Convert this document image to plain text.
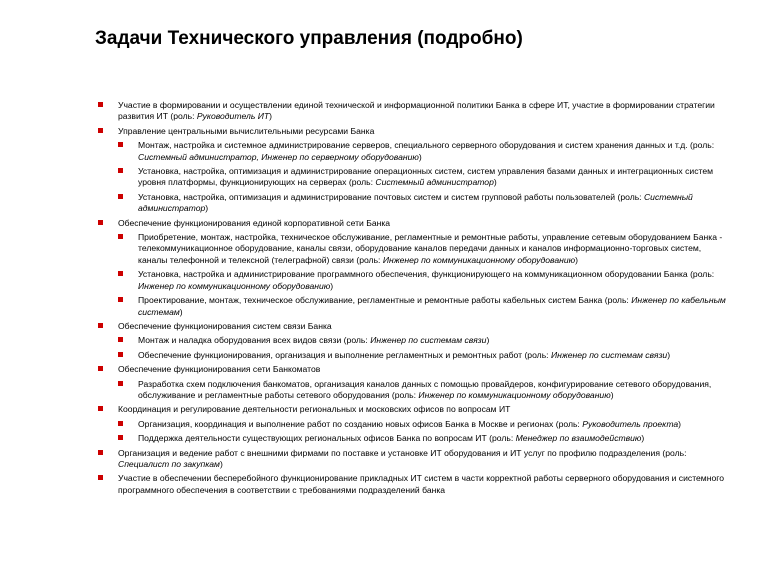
Задачи Технического управления (подробно)
Участие в формировании и осуществлении единой технической и информационной политики Банка в сфере ИТ, участие в формировании стратегии развития ИТ (роль: Руководитель ИТ)
Управление центральными вычислительными ресурсами Банка
Монтаж, настройка и системное администрирование серверов, специального серверного оборудования и систем хранения данных и т.д. (роль: Системный администратор, Инженер по серверному оборудованию)
Установка, настройка, оптимизация и администрирование операционных систем, систем управления базами данных и интеграционных систем уровня платформы, функционирующих на серверах (роль: Системный администратор)
Установка, настройка, оптимизация и администрирование почтовых систем и систем групповой работы пользователей (роль: Системный администратор)
Обеспечение функционирования единой корпоративной сети Банка
Приобретение, монтаж, настройка, техническое обслуживание, регламентные и ремонтные работы, управление сетевым оборудованием Банка - телекоммуникационное оборудование, каналы связи, оборудование каналов передачи данных и каналов информационно-торговых систем, каналы телефонной и телексной (телеграфной) связи (роль: Инженер по коммуникационному оборудованию)
Установка, настройка и администрирование программного обеспечения, функционирующего на коммуникационном оборудовании Банка (роль: Инженер по коммуникационному оборудованию)
Проектирование, монтаж, техническое обслуживание, регламентные и ремонтные работы кабельных систем Банка (роль: Инженер по кабельным системам)
Обеспечение функционирования систем связи Банка
Монтаж и наладка оборудования всех видов связи (роль: Инженер по системам связи)
Обеспечение функционирования, организация и выполнение регламентных и ремонтных работ (роль: Инженер по системам связи)
Обеспечение функционирования сети Банкоматов
Разработка схем подключения банкоматов, организация каналов данных с помощью провайдеров, конфигурирование сетевого оборудования, обслуживание и регламентные работы сетевого оборудования (роль: Инженер по коммуникационному оборудованию)
Координация и регулирование деятельности региональных и московских офисов по вопросам ИТ
Организация, координация и выполнение работ по созданию новых офисов Банка в Москве и регионах (роль: Руководитель проекта)
Поддержка деятельности существующих региональных офисов Банка по вопросам ИТ (роль: Менеджер по взаимодействию)
Организация и ведение работ с внешними фирмами по поставке и установке ИТ оборудования и ИТ услуг по профилю подразделения (роль: Специалист по закупкам)
Участие в обеспечении бесперебойного функционирование прикладных ИТ систем в части корректной работы серверного оборудования и системного программного обеспечения в соответствии с требованиями подразделений банка
